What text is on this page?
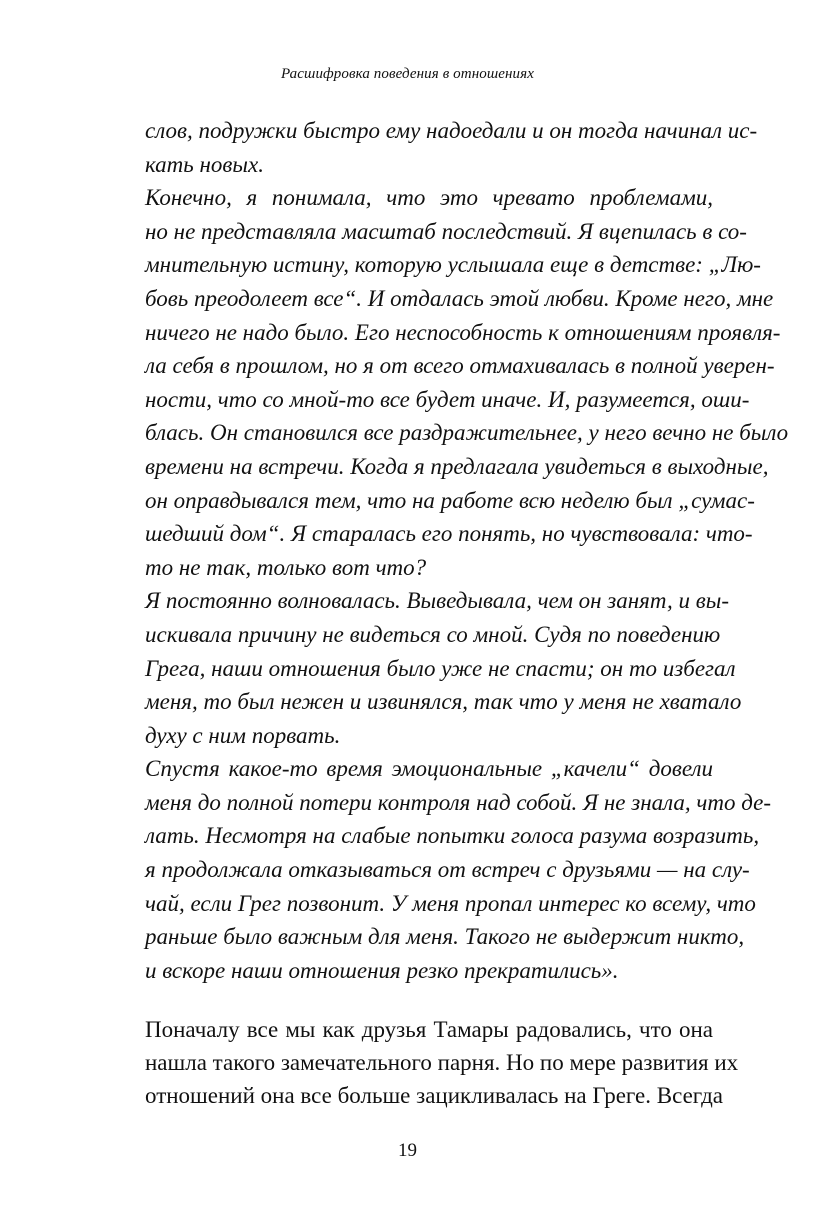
Расшифровка поведения в отношениях
слов, подружки быстро ему надоедали и он тогда начинал ис-
кать новых.
Конечно, я понимала, что это чревато проблемами,
но не представляла масштаб последствий. Я вцепилась в со-
мнительную истину, которую услышала еще в детстве: „Лю-
бовь преодолеет все“. И отдалась этой любви. Кроме него, мне
ничего не надо было. Его неспособность к отношениям проявля-
ла себя в прошлом, но я от всего отмахивалась в полной уверен-
ности, что со мной-то все будет иначе. И, разумеется, оши-
блась. Он становился все раздражительнее, у него вечно не было
времени на встречи. Когда я предлагала увидеться в выходные,
он оправдывался тем, что на работе всю неделю был „сумас-
шедший дом“. Я старалась его понять, но чувствовала: что-
то не так, только вот что?
Я постоянно волновалась. Выведывала, чем он занят, и вы-
искивала причину не видеться со мной. Судя по поведению
Грега, наши отношения было уже не спасти; он то избегал
меня, то был нежен и извинялся, так что у меня не хватало
духу с ним порвать.
Спустя какое-то время эмоциональные „качели“ довели
меня до полной потери контроля над собой. Я не знала, что де-
лать. Несмотря на слабые попытки голоса разума возразить,
я продолжала отказываться от встреч с друзьями — на слу-
чай, если Грег позвонит. У меня пропал интерес ко всему, что
раньше было важным для меня. Такого не выдержит никто,
и вскоре наши отношения резко прекратились».
Поначалу все мы как друзья Тамары радовались, что она
нашла такого замечательного парня. Но по мере развития их
отношений она все больше зацикливалась на Греге. Всегда
19
